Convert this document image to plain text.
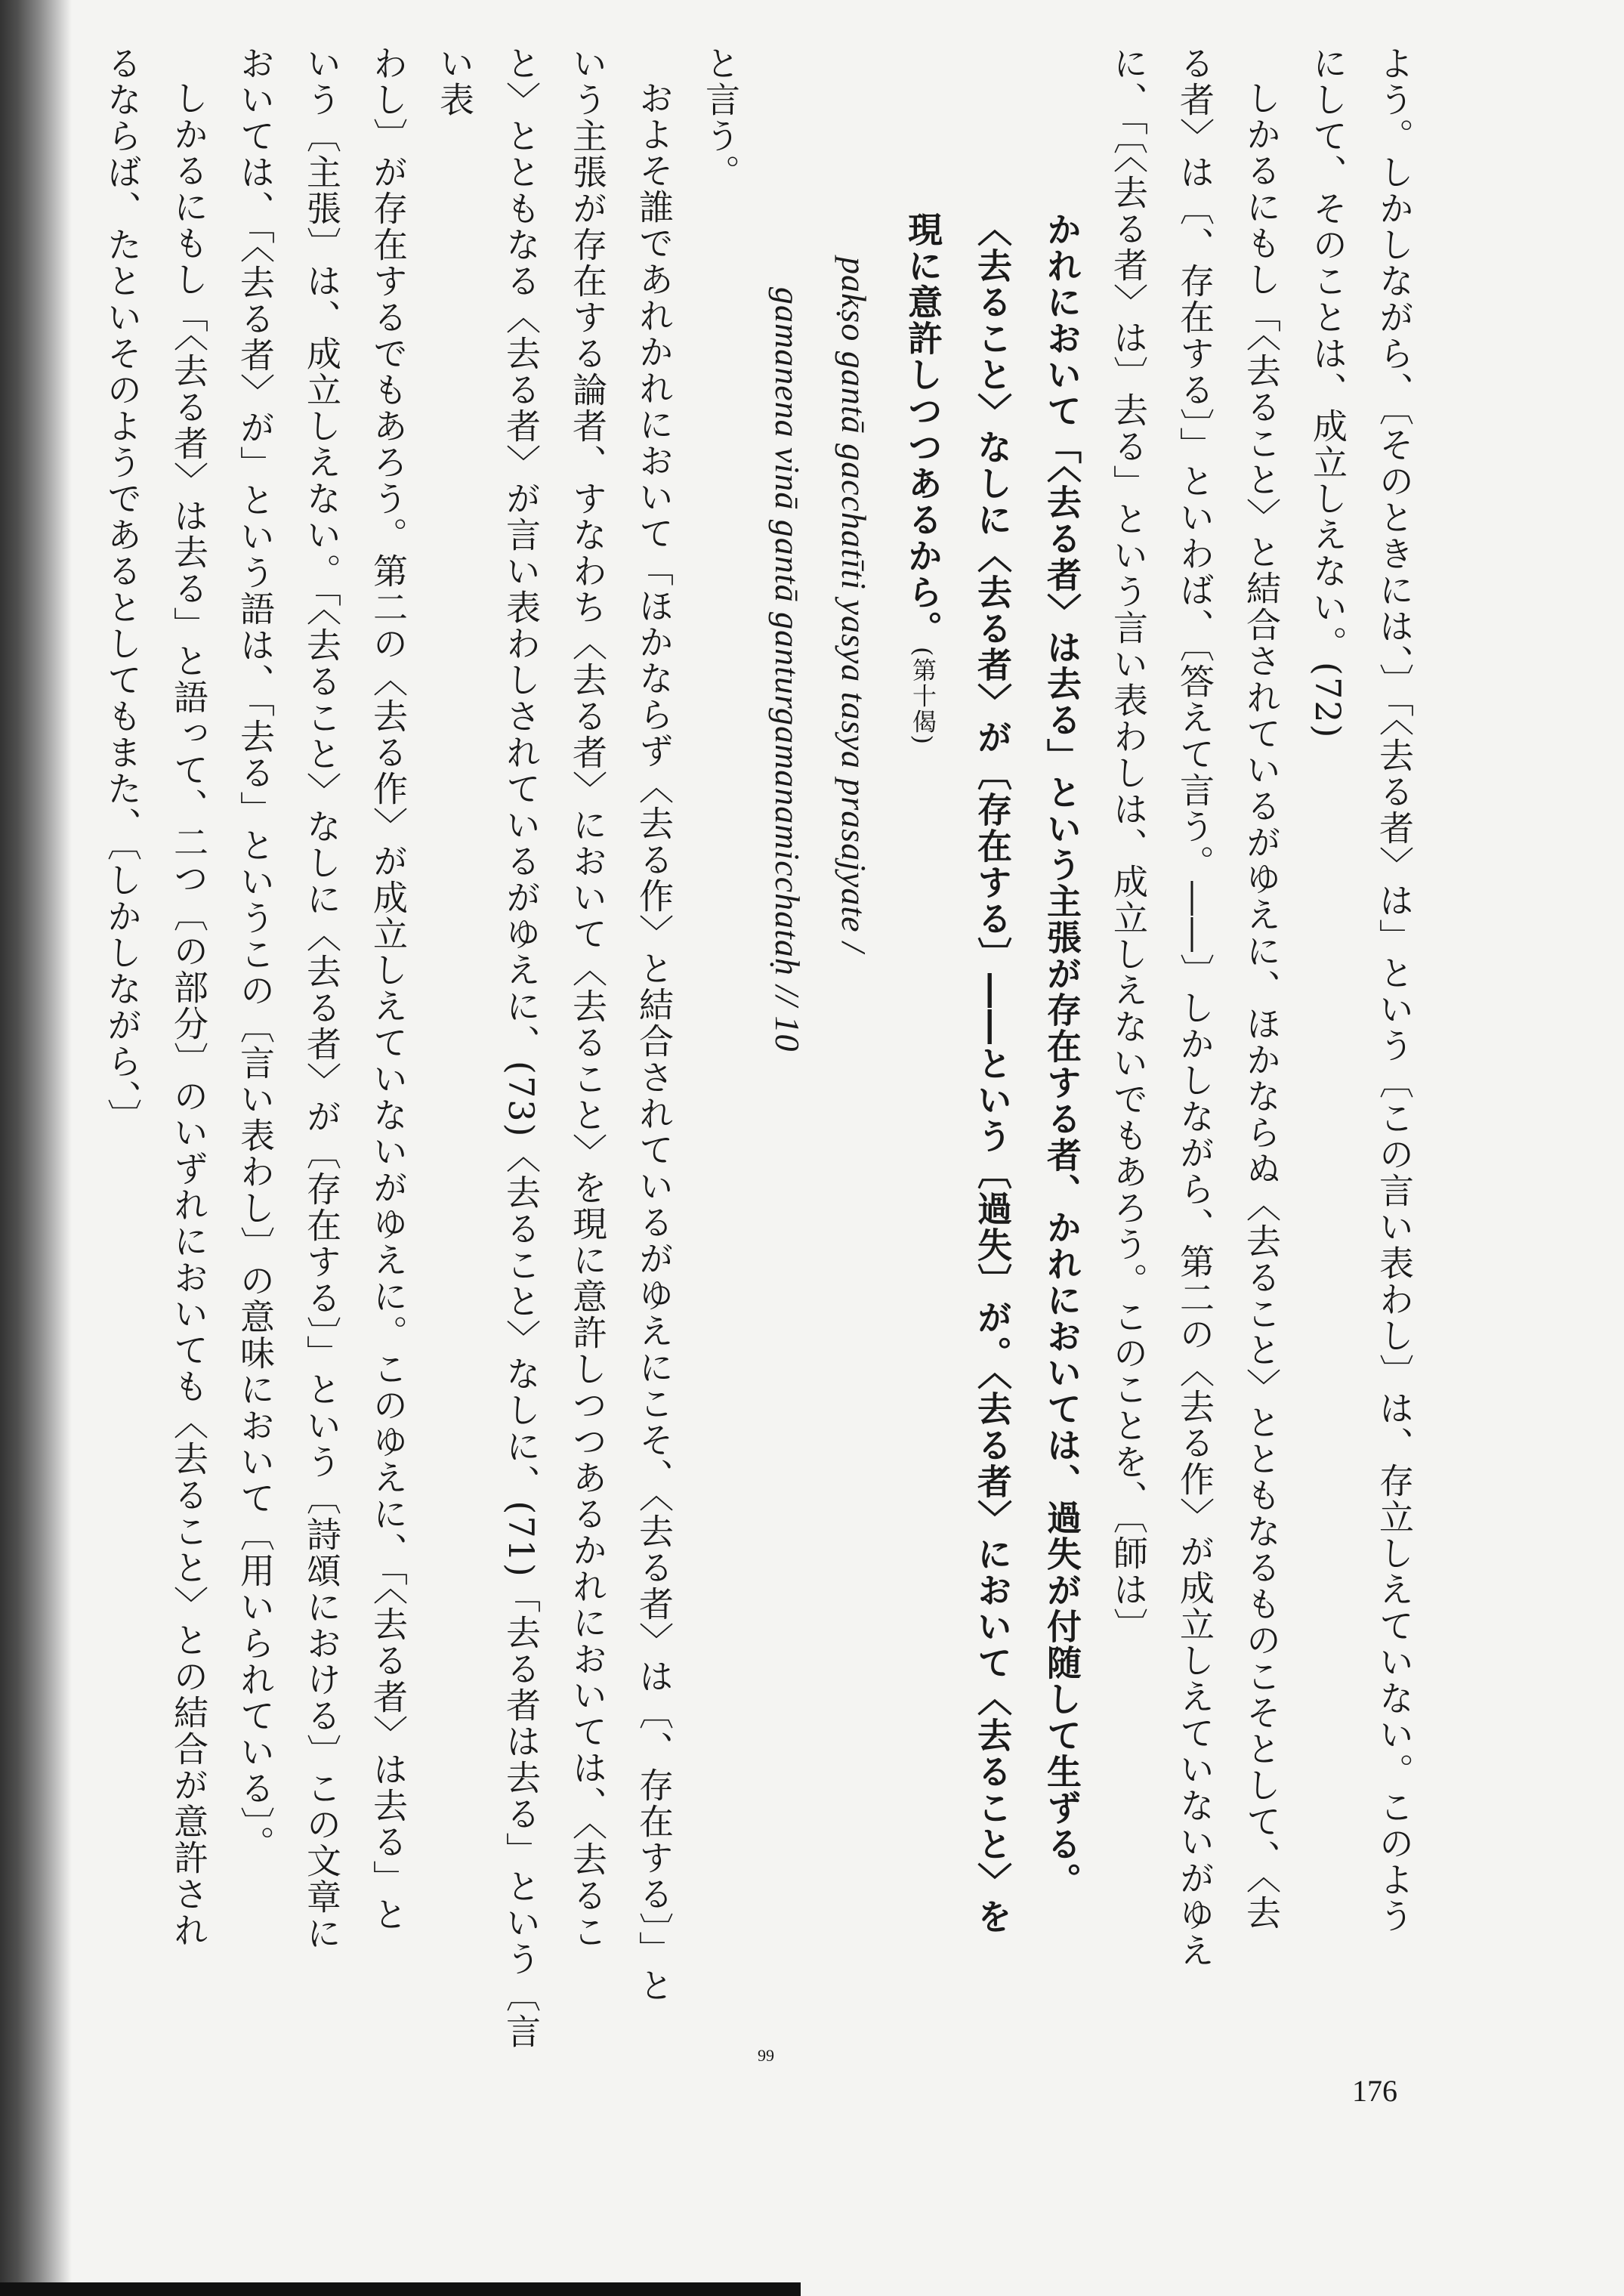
よう。しかしながら、〔そのときには、〕「〈去る者〉は」という〔この言い表わし〕は、存立しえていない。このよう

にして、そのことは、成立しえない。(72)

しかるにもし「〈去ること〉と結合されているがゆえに、ほかならぬ〈去ること〉とともなるものこそとして、〈去

る者〉は〔、存在する〕」といわば、〔答えて言う。――〕しかしながら、第二の〈去る作〉が成立しえていないがゆえ

に、「〔〈去る者〉は〕去る」という言い表わしは、成立しえないでもあろう。このことを、〔師は〕

かれにおいて「〈去る者〉は去る」という主張が存在する者、かれにおいては、過失が付随して生ずる。

〈去ること〉なしに〈去る者〉が〔存在する〕――という〔過失〕が。〈去る者〉において〈去ること〉を

現に意許しつつあるから。(第十偈)

pakṣo gantā gacchatīti yasya tasya prasajyate /

gamanena vinā gantā ganturgamanamicchataḥ // 10

と言う。

およそ誰であれかれにおいて「ほかならず〈去る作〉と結合されているがゆえにこそ、〈去る者〉は〔、存在する〕」と

いう主張が存在する論者、すなわち〈去る者〉において〈去ること〉を現に意許しつつあるかれにおいては、〈去るこ

と〉とともなる〈去る者〉が言い表わしされているがゆえに、(73)〈去ること〉なしに、(71)「去る者は去る」という〔言い表

わし〕が存在するでもあろう。第二の〈去る作〉が成立しえていないがゆえに。このゆえに、「〈去る者〉は去る」と

いう〔主張〕は、成立しえない。「〈去ること〉なしに〈去る者〉が〔存在する〕」という〔詩頌における〕この文章に

おいては、「〈去る者〉が」という語は、「去る」というこの〔言い表わし〕の意味において〔用いられている〕。

しかるにもし「〈去る者〉は去る」と語って、二つ〔の部分〕のいずれにおいても〈去ること〉との結合が意許され

るならば、たといそのようであるとしてもまた、〔しかしながら、〕

99
176
